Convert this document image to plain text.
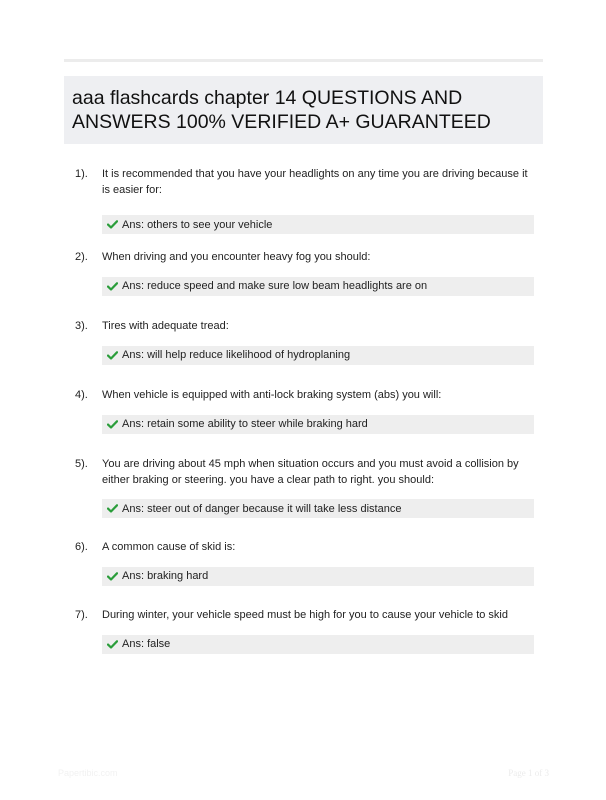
aaa flashcards chapter 14 QUESTIONS AND ANSWERS 100% VERIFIED A+ GUARANTEED
1).	It is recommended that you have your headlights on any time you are driving because it is easier for:
Ans: others to see your vehicle
2).	When driving and you encounter heavy fog you should:
Ans: reduce speed and make sure low beam headlights are on
3).	Tires with adequate tread:
Ans: will help reduce likelihood of hydroplaning
4).	When vehicle is equipped with anti-lock braking system (abs) you will:
Ans: retain some ability to steer while braking hard
5).	You are driving about 45 mph when situation occurs and you must avoid a collision by either braking or steering. you have a clear path to right. you should:
Ans: steer out of danger because it will take less distance
6).	A common cause of skid is:
Ans: braking hard
7).	During winter, your vehicle speed must be high for you to cause your vehicle to skid
Ans: false
Papertibic.com	Page 1 of 3
